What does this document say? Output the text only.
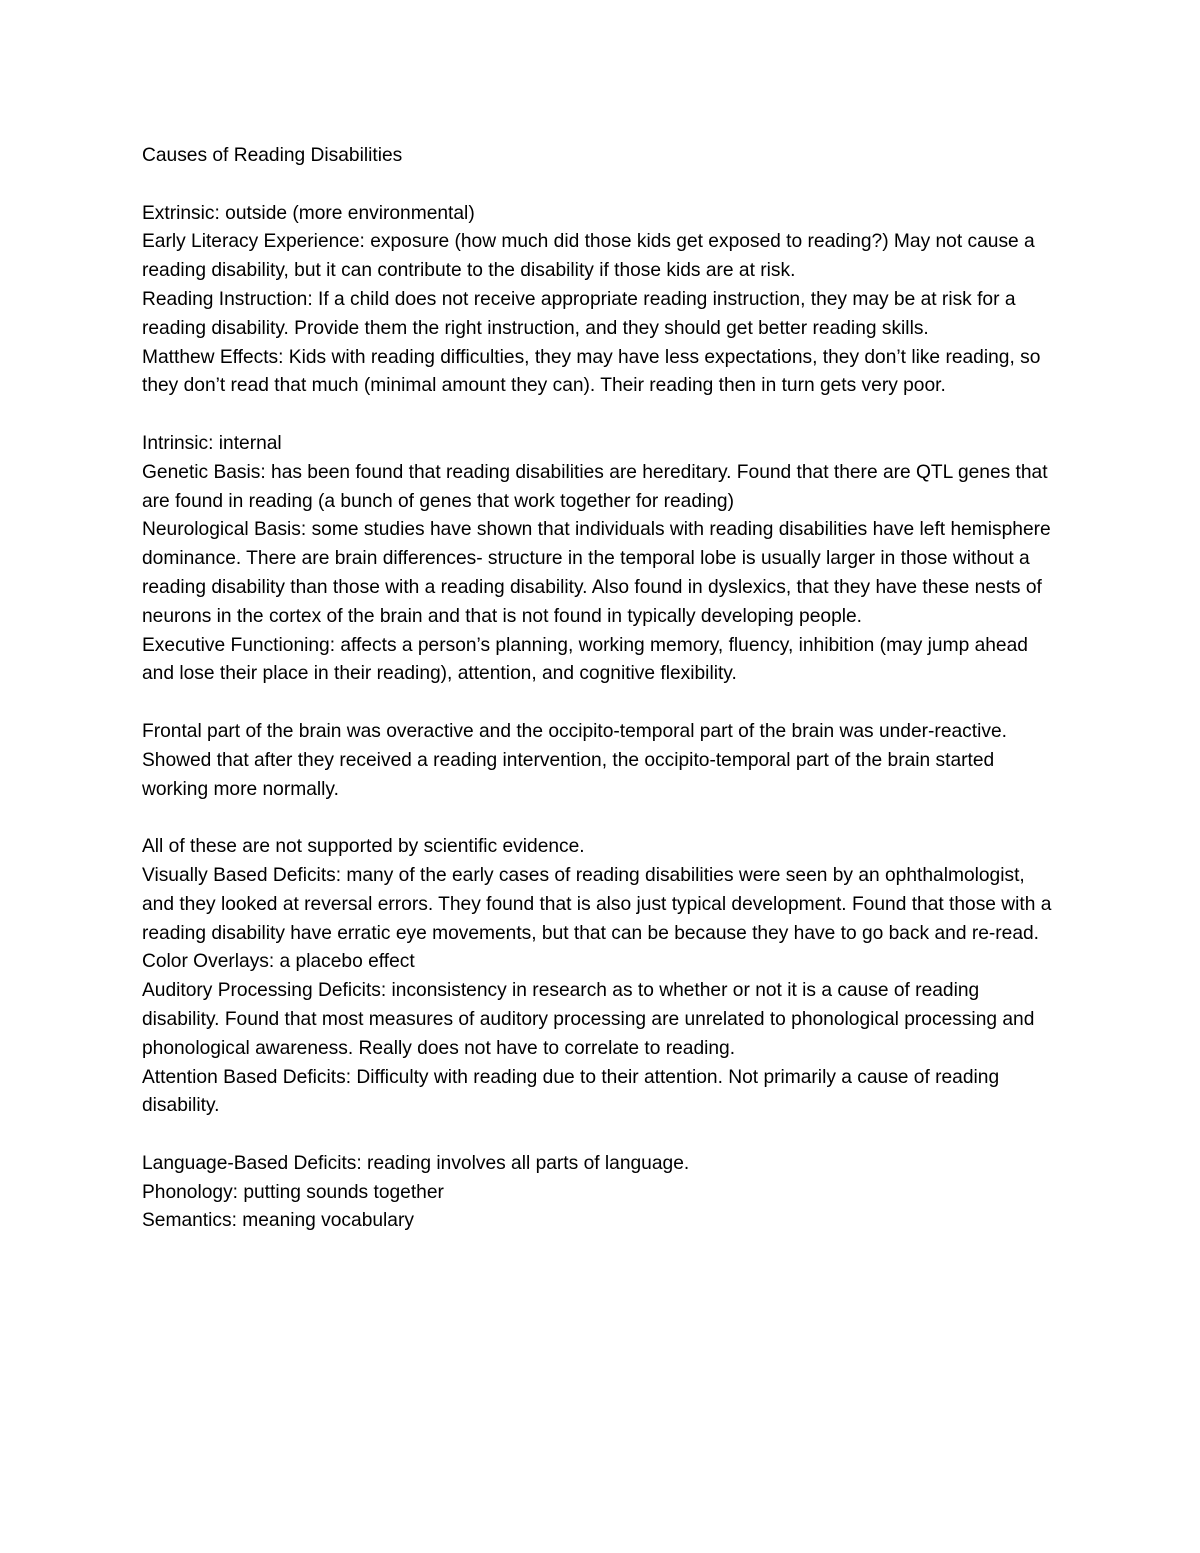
Causes of Reading Disabilities

Extrinsic: outside (more environmental)

Early Literacy Experience: exposure (how much did those kids get exposed to reading?) May not cause a reading disability, but it can contribute to the disability if those kids are at risk.

Reading Instruction: If a child does not receive appropriate reading instruction, they may be at risk for a reading disability. Provide them the right instruction, and they should get better reading skills.

Matthew Effects: Kids with reading difficulties, they may have less expectations, they don’t like reading, so they don’t read that much (minimal amount they can). Their reading then in turn gets very poor.

Intrinsic: internal

Genetic Basis: has been found that reading disabilities are hereditary. Found that there are QTL genes that are found in reading (a bunch of genes that work together for reading)

Neurological Basis: some studies have shown that individuals with reading disabilities have left hemisphere dominance. There are brain differences- structure in the temporal lobe is usually larger in those without a reading disability than those with a reading disability. Also found in dyslexics, that they have these nests of neurons in the cortex of the brain and that is not found in typically developing people.

Executive Functioning: affects a person’s planning, working memory, fluency, inhibition (may jump ahead and lose their place in their reading), attention, and cognitive flexibility.

Frontal part of the brain was overactive and the occipito-temporal part of the brain was under-reactive.

Showed that after they received a reading intervention, the occipito-temporal part of the brain started working more normally.

All of these are not supported by scientific evidence.

Visually Based Deficits: many of the early cases of reading disabilities were seen by an ophthalmologist, and they looked at reversal errors. They found that is also just typical development. Found that those with a reading disability have erratic eye movements, but that can be because they have to go back and re-read.

Color Overlays: a placebo effect

Auditory Processing Deficits: inconsistency in research as to whether or not it is a cause of reading disability. Found that most measures of auditory processing are unrelated to phonological processing and phonological awareness. Really does not have to correlate to reading.

Attention Based Deficits: Difficulty with reading due to their attention. Not primarily a cause of reading disability.

Language-Based Deficits: reading involves all parts of language.

Phonology: putting sounds together

Semantics: meaning vocabulary
